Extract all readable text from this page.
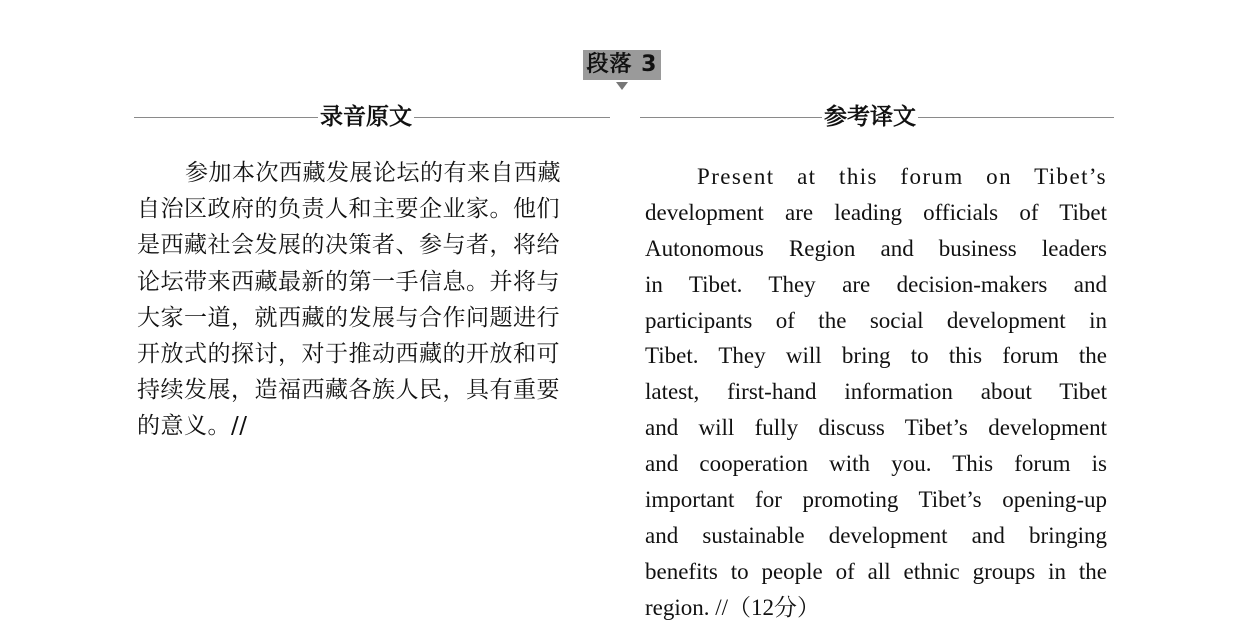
段落 3
录音原文	参考译文
参加本次西藏发展论坛的有来自西藏
自治区政府的负责人和主要企业家。他们
是西藏社会发展的决策者、参与者，将给
论坛带来西藏最新的第一手信息。并将与
大家一道，就西藏的发展与合作问题进行
开放式的探讨，对于推动西藏的开放和可
持续发展，造福西藏各族人民，具有重要
的意义。//
Present at this forum on Tibet’s
development are leading officials of Tibet
Autonomous Region and business leaders
in Tibet. They are decision-makers and
participants of the social development in
Tibet. They will bring to this forum the
latest, first-hand information about Tibet
and will fully discuss Tibet’s development
and cooperation with you. This forum is
important for promoting Tibet’s opening-up
and sustainable development and bringing
benefits to people of all ethnic groups in the
region. //（12分）
